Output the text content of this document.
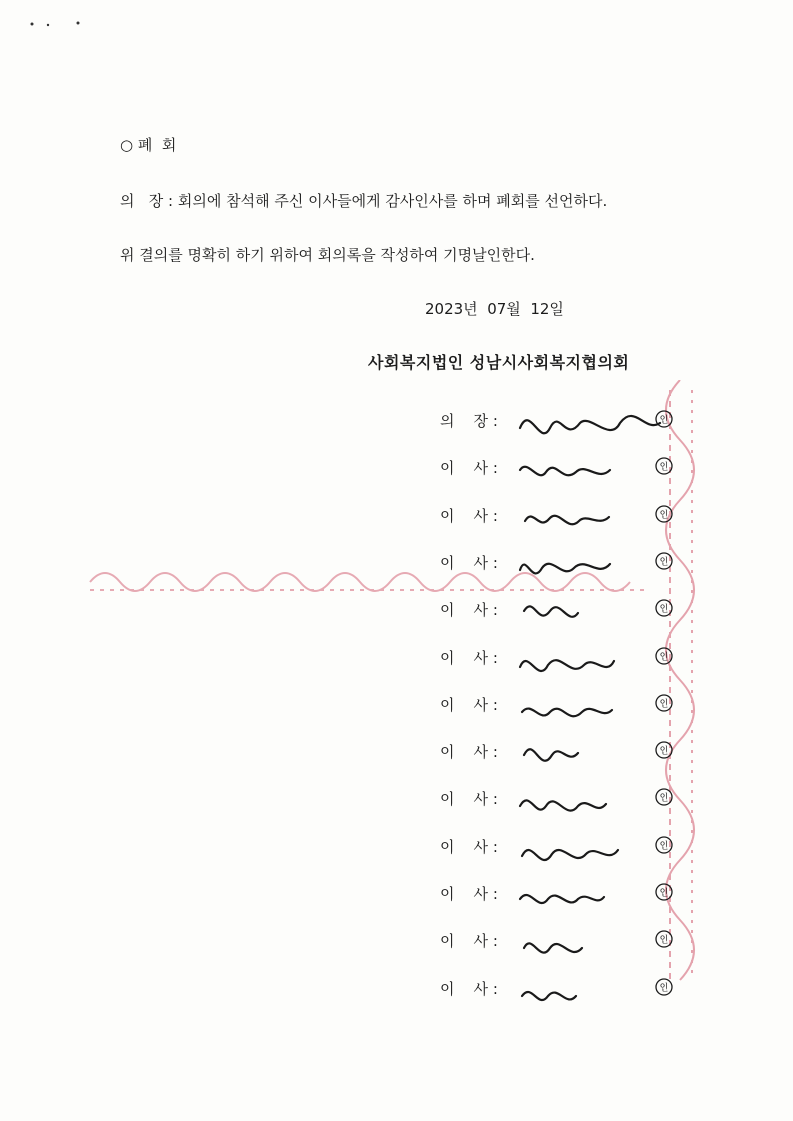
○ 폐  회
의   장 : 회의에 참석해 주신 이사들에게 감사인사를 하며 폐회를 선언하다.
위 결의를 명확히 하기 위하여 회의록을 작성하여 기명날인한다.
2023년  07월  12일
사회복지법인 성남시사회복지협의회
의    장 :	인
이    사 :	인
이    사 :	인
이    사 :	인
이    사 :	인
이    사 :	인
이    사 :	인
이    사 :	인
이    사 :	인
이    사 :	인
이    사 :	인
이    사 :	인
이    사 :	인
